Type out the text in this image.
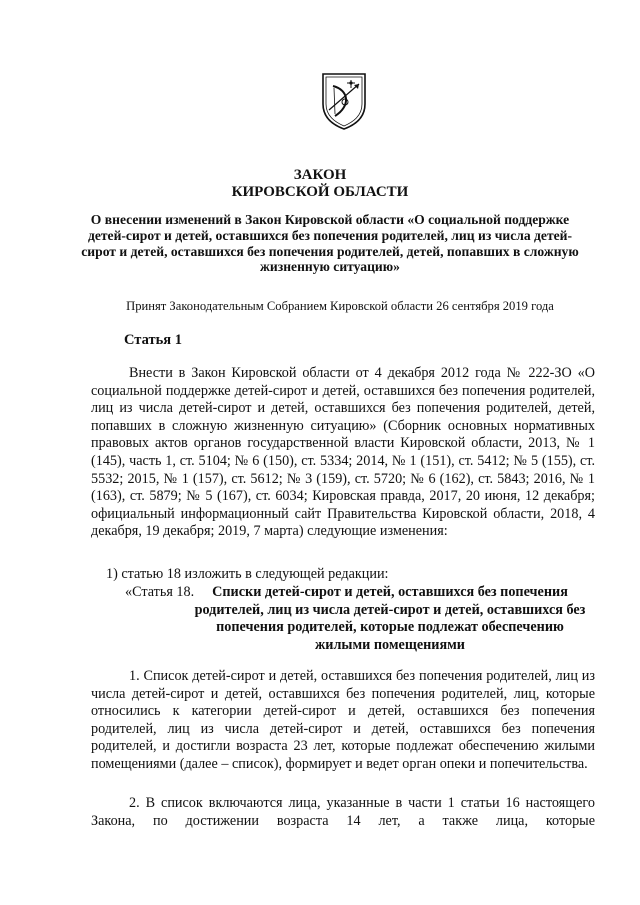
ЗАКОН
КИРОВСКОЙ ОБЛАСТИ
О внесении изменений в Закон Кировской области «О социальной поддержке детей-сирот и детей, оставшихся без попечения родителей, лиц из числа детей-сирот и детей, оставшихся без попечения родителей, детей, попавших в сложную жизненную ситуацию»
Принят Законодательным Собранием Кировской области 26 сентября 2019 года
Статья 1

Внести в Закон Кировской области от 4 декабря 2012 года № 222-ЗО «О социальной поддержке детей-сирот и детей, оставшихся без попечения родителей, лиц из числа детей-сирот и детей, оставшихся без попечения родителей, детей, попавших в сложную жизненную ситуацию» (Сборник основных нормативных правовых актов органов государственной власти Кировской области, 2013, № 1 (145), часть 1, ст. 5104; № 6 (150), ст. 5334; 2014, № 1 (151), ст. 5412; № 5 (155), ст. 5532; 2015, № 1 (157), ст. 5612; № 3 (159), ст. 5720; № 6 (162), ст. 5843; 2016, № 1 (163), ст. 5879; № 5 (167), ст. 6034; Кировская правда, 2017, 20 июня, 12 декабря; официальный информационный сайт Правительства Кировской области, 2018, 4 декабря, 19 декабря; 2019, 7 марта) следующие изменения:

1) статью 18 изложить в следующей редакции:
«Статья 18.	Списки детей-сирот и детей, оставшихся без попечения родителей, лиц из числа детей-сирот и детей, оставшихся без попечения родителей, которые подлежат обеспечению жилыми помещениями

1. Список детей-сирот и детей, оставшихся без попечения родителей, лиц из числа детей-сирот и детей, оставшихся без попечения родителей, лиц, которые относились к категории детей-сирот и детей, оставшихся без попечения родителей, лиц из числа детей-сирот и детей, оставшихся без попечения родителей, и достигли возраста 23 лет, которые подлежат обеспечению жилыми помещениями (далее – список), формирует и ведет орган опеки и попечительства.

2. В список включаются лица, указанные в части 1 статьи 16 настоящего Закона, по достижении возраста 14 лет, а также лица, которые
